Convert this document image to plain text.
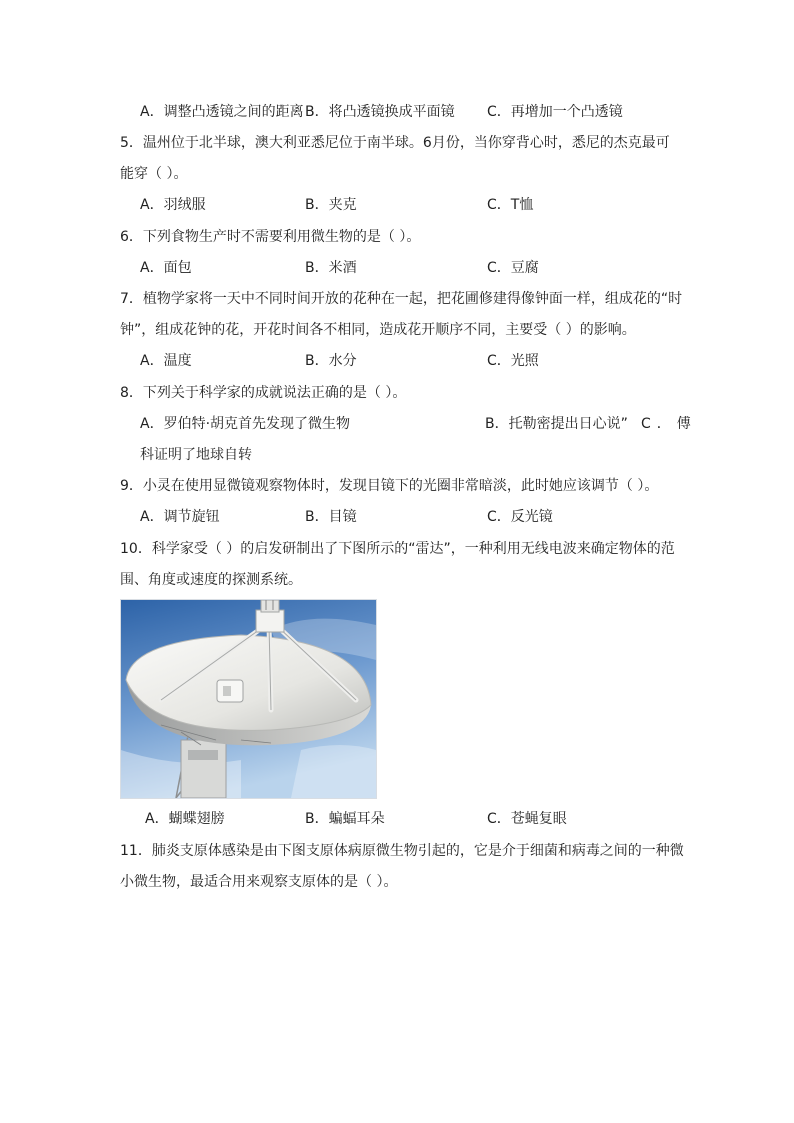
A．调整凸透镜之间的距离 B．将凸透镜换成平面镜 C．再增加一个凸透镜
5．温州位于北半球，澳大利亚悉尼位于南半球。6月份，当你穿背心时，悉尼的杰克最可
能穿（ ）。
A．羽绒服	B．夹克	C．T恤
6．下列食物生产时不需要利用微生物的是（ ）。
A．面包	B．米酒	C．豆腐
7．植物学家将一天中不同时间开放的花种在一起，把花圃修建得像钟面一样，组成花的“时
钟”，组成花钟的花，开花时间各不相同，造成花开顺序不同，主要受（ ）的影响。
A．温度	B．水分	C．光照
8．下列关于科学家的成就说法正确的是（ ）。
A．罗伯特·胡克首先发现了微生物	B．托勒密提出日心说” C．傅
科证明了地球自转
9．小灵在使用显微镜观察物体时，发现目镜下的光圈非常暗淡，此时她应该调节（ ）。
A．调节旋钮	B．目镜	C．反光镜
10．科学家受（ ）的启发研制出了下图所示的“雷达”，一种利用无线电波来确定物体的范
围、角度或速度的探测系统。
A．蝴蝶翅膀	B．蝙蝠耳朵	C．苍蝇复眼
11．肺炎支原体感染是由下图支原体病原微生物引起的，它是介于细菌和病毒之间的一种微
小微生物，最适合用来观察支原体的是（ ）。
